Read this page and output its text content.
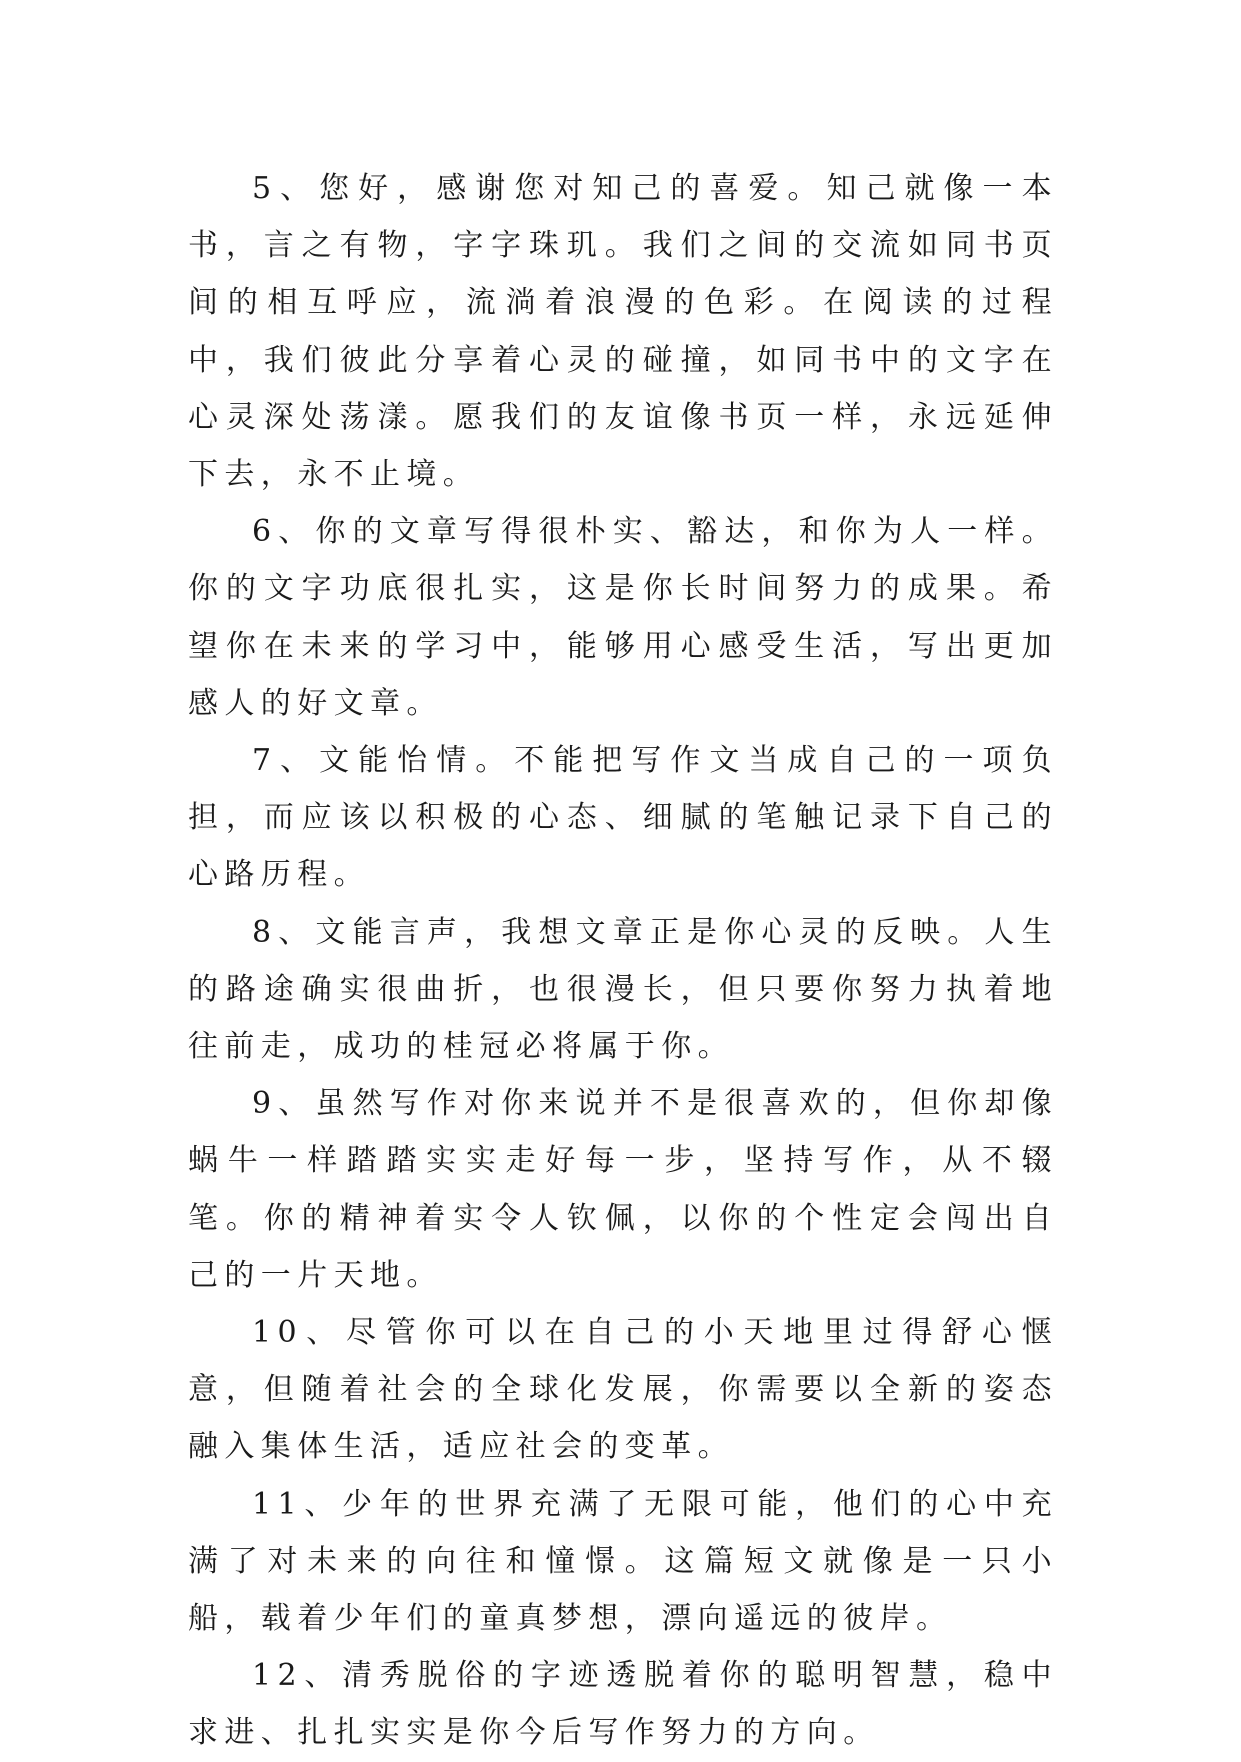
5、您好，感谢您对知己的喜爱。知己就像一本书，言之有物，字字珠玑。我们之间的交流如同书页间的相互呼应，流淌着浪漫的色彩。在阅读的过程中，我们彼此分享着心灵的碰撞，如同书中的文字在心灵深处荡漾。愿我们的友谊像书页一样，永远延伸下去，永不止境。

6、你的文章写得很朴实、豁达，和你为人一样。你的文字功底很扎实，这是你长时间努力的成果。希望你在未来的学习中，能够用心感受生活，写出更加感人的好文章。

7、文能怡情。不能把写作文当成自己的一项负担，而应该以积极的心态、细腻的笔触记录下自己的心路历程。

8、文能言声，我想文章正是你心灵的反映。人生的路途确实很曲折，也很漫长，但只要你努力执着地往前走，成功的桂冠必将属于你。

9、虽然写作对你来说并不是很喜欢的，但你却像蜗牛一样踏踏实实走好每一步，坚持写作，从不辍笔。你的精神着实令人钦佩，以你的个性定会闯出自己的一片天地。

10、尽管你可以在自己的小天地里过得舒心惬意，但随着社会的全球化发展，你需要以全新的姿态融入集体生活，适应社会的变革。

11、少年的世界充满了无限可能，他们的心中充满了对未来的向往和憧憬。这篇短文就像是一只小船，载着少年们的童真梦想，漂向遥远的彼岸。

12、清秀脱俗的字迹透脱着你的聪明智慧，稳中求进、扎扎实实是你今后写作努力的方向。
